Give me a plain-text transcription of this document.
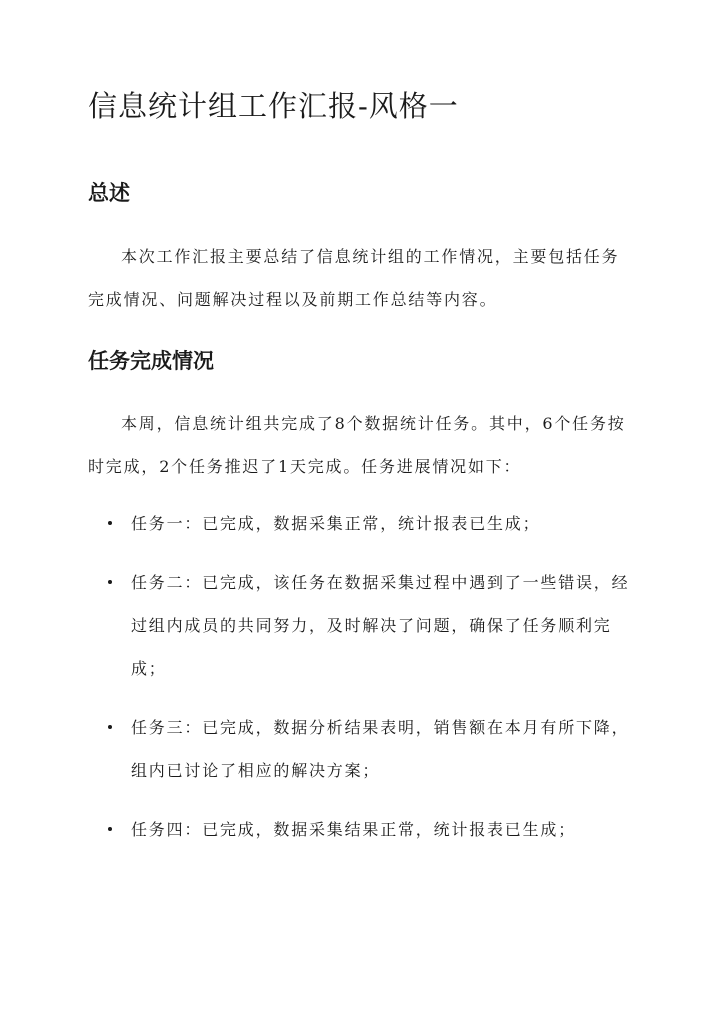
信息统计组工作汇报-风格一
总述

本次工作汇报主要总结了信息统计组的工作情况，主要包括任务完成情况、问题解决过程以及前期工作总结等内容。

任务完成情况

本周，信息统计组共完成了8个数据统计任务。其中，6个任务按时完成，2个任务推迟了1天完成。任务进展情况如下：

任务一：已完成，数据采集正常，统计报表已生成；
任务二：已完成，该任务在数据采集过程中遇到了一些错误，经过组内成员的共同努力，及时解决了问题，确保了任务顺利完成；
任务三：已完成，数据分析结果表明，销售额在本月有所下降，组内已讨论了相应的解决方案；
任务四：已完成，数据采集结果正常，统计报表已生成；
